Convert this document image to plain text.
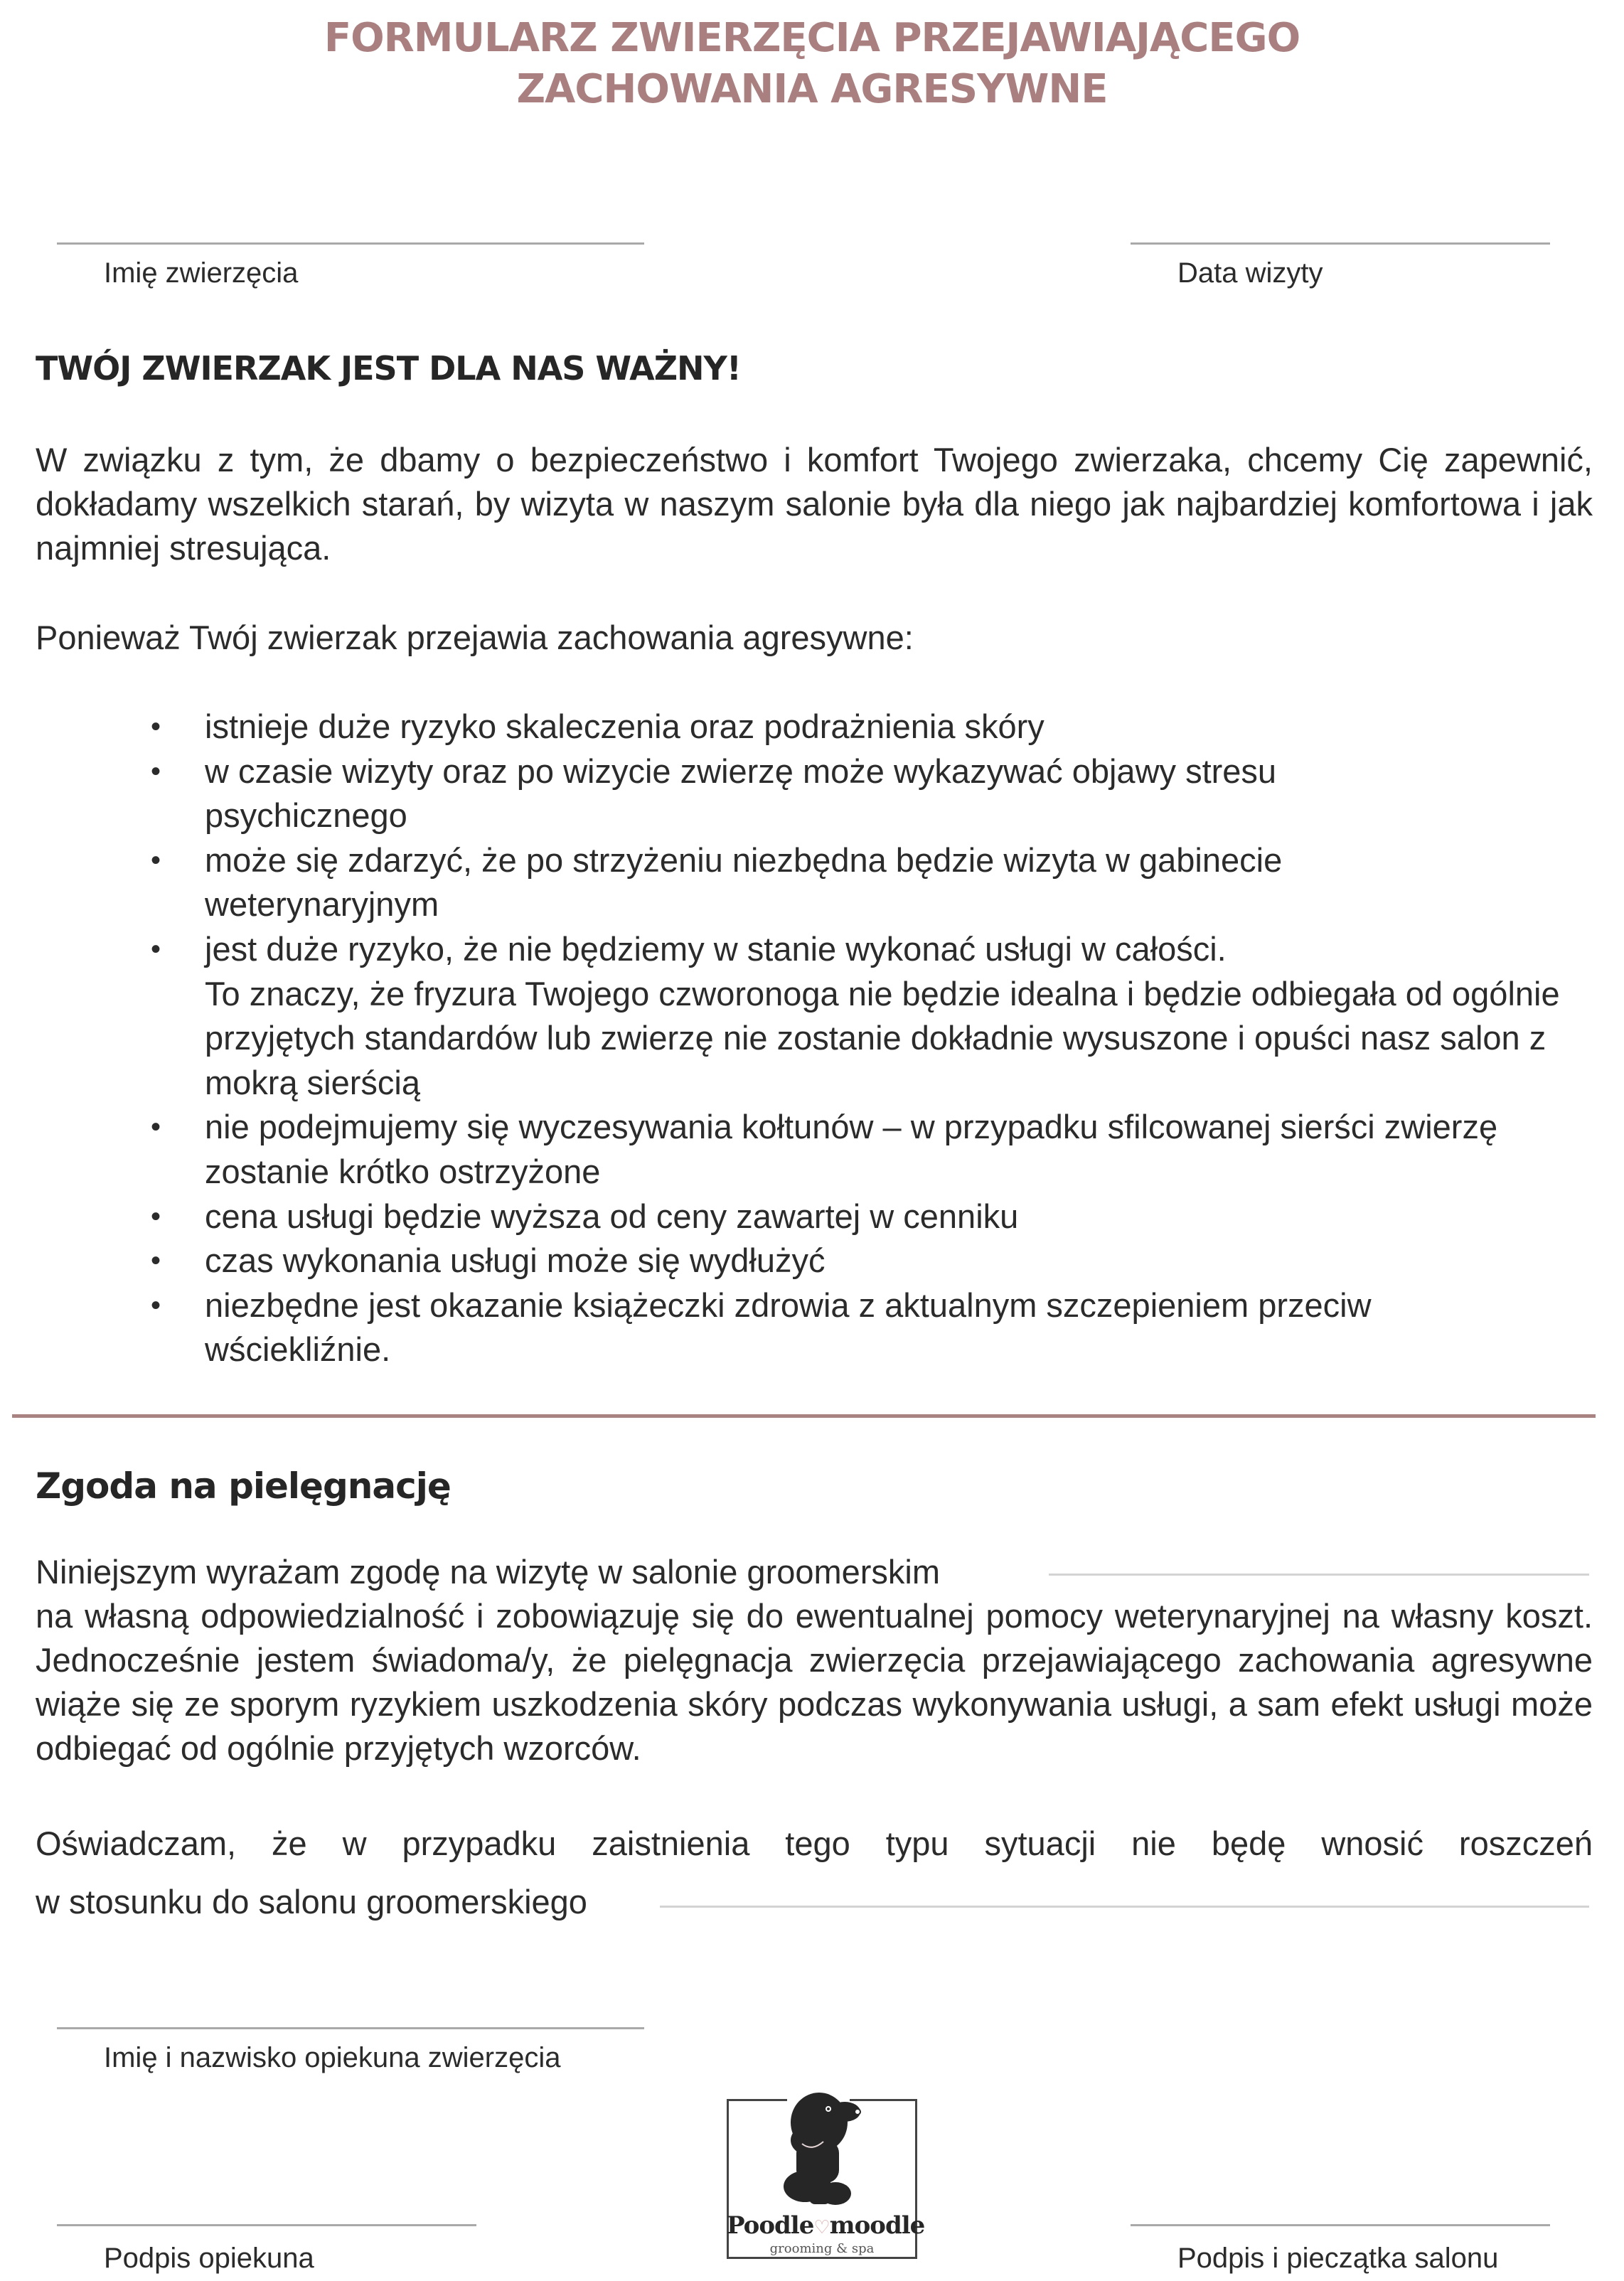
FORMULARZ ZWIERZĘCIA PRZEJAWIAJĄCEGO
ZACHOWANIA AGRESYWNE
Imię zwierzęcia	Data wizyty
TWÓJ ZWIERZAK JEST DLA NAS WAŻNY!
W związku z tym, że dbamy o bezpieczeństwo i komfort Twojego zwierzaka, chcemy Cię zapewnić, dokładamy wszelkich starań, by wizyta w naszym salonie była dla niego jak najbardziej komfortowa i jak najmniej stresująca.
Ponieważ Twój zwierzak przejawia zachowania agresywne:
• istnieje duże ryzyko skaleczenia oraz podrażnienia skóry
• w czasie wizyty oraz po wizycie zwierzę może wykazywać objawy stresu psychicznego
• może się zdarzyć, że po strzyżeniu niezbędna będzie wizyta w gabinecie weterynaryjnym
• jest duże ryzyko, że nie będziemy w stanie wykonać usługi w całości.
To znaczy, że fryzura Twojego czworonoga nie będzie idealna i będzie odbiegała od ogólnie przyjętych standardów lub zwierzę nie zostanie dokładnie wysuszone i opuści nasz salon z mokrą sierścią
• nie podejmujemy się wyczesywania kołtunów – w przypadku sfilcowanej sierści zwierzę zostanie krótko ostrzyżone
• cena usługi będzie wyższa od ceny zawartej w cenniku
• czas wykonania usługi może się wydłużyć
• niezbędne jest okazanie książeczki zdrowia z aktualnym szczepieniem przeciw wściekliźnie.
Zgoda na pielęgnację
Niniejszym wyrażam zgodę na wizytę w salonie groomerskim
na własną odpowiedzialność i zobowiązuję się do ewentualnej pomocy weterynaryjnej na własny koszt. Jednocześnie jestem świadoma/y, że pielęgnacja zwierzęcia przejawiającego zachowania agresywne wiąże się ze sporym ryzykiem uszkodzenia skóry podczas wykonywania usługi, a sam efekt usługi może odbiegać od ogólnie przyjętych wzorców.
Oświadczam, że w przypadku zaistnienia tego typu sytuacji nie będę wnosić roszczeń
w stosunku do salonu groomerskiego
Imię i nazwisko opiekuna zwierzęcia
Podpis opiekuna	Podpis i pieczątka salonu
Poodle♡moodle
grooming & spa
